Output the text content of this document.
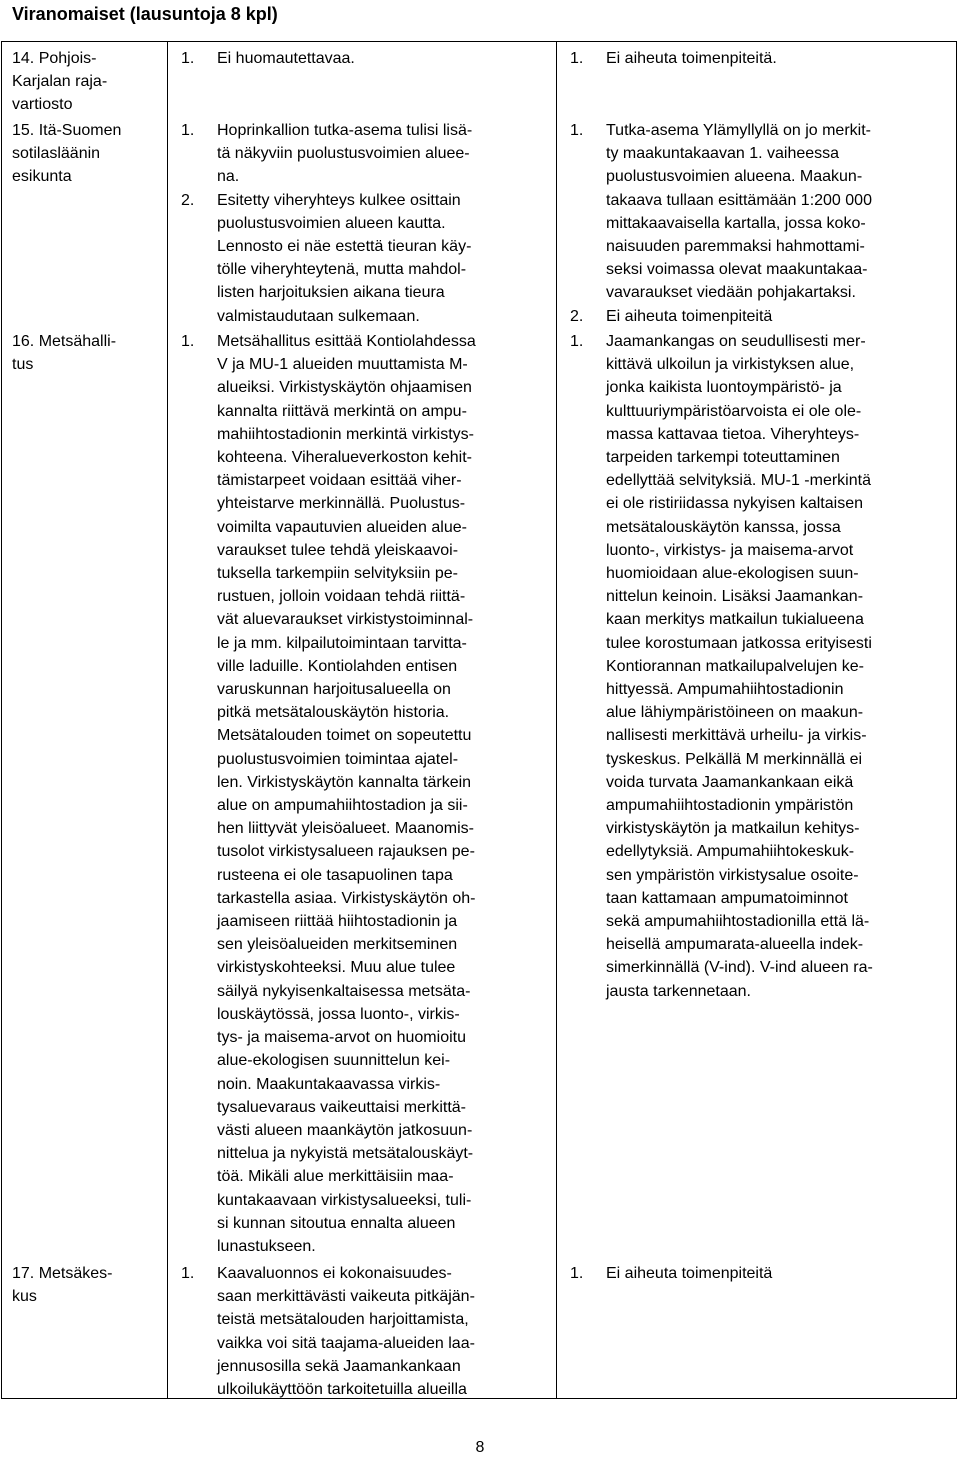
Viranomaiset (lausuntoja 8 kpl)
14. Pohjois-
Karjalan raja-
vartiosto
1. Ei huomautettavaa.	1. Ei aiheuta toimenpiteitä.
15. Itä-Suomen
sotilasläänin
esikunta
1. Hoprinkallion tutka-asema tulisi lisä-
tä näkyviin puolustusvoimien aluee-
na.
2. Esitetty viheryhteys kulkee osittain
puolustusvoimien alueen kautta.
Lennosto ei näe estettä tieuran käy-
tölle viheryhteytenä, mutta mahdol-
listen harjoituksien aikana tieura
valmistaudutaan sulkemaan.
1. Tutka-asema Ylämyllyllä on jo merkit-
ty maakuntakaavan 1. vaiheessa
puolustusvoimien alueena. Maakun-
takaava tullaan esittämään 1:200 000
mittakaavaisella kartalla, jossa koko-
naisuuden paremmaksi hahmottami-
seksi voimassa olevat maakuntakaa-
vavaraukset viedään pohjakartaksi.
2. Ei aiheuta toimenpiteitä
16. Metsähalli-
tus
1. Metsähallitus esittää Kontiolahdessa
V ja MU-1 alueiden muuttamista M-
alueiksi. Virkistyskäytön ohjaamisen
kannalta riittävä merkintä on ampu-
mahiihtostadionin merkintä virkistys-
kohteena. Viheralueverkoston kehit-
tämistarpeet voidaan esittää viher-
yhteistarve merkinnällä. Puolustus-
voimilta vapautuvien alueiden alue-
varaukset tulee tehdä yleiskaavoi-
tuksella tarkempiin selvityksiin pe-
rustuen, jolloin voidaan tehdä riittä-
vät aluevaraukset virkistystoiminnal-
le ja mm. kilpailutoimintaan tarvitta-
ville laduille. Kontiolahden entisen
varuskunnan harjoitusalueella on
pitkä metsätalouskäytön historia.
Metsätalouden toimet on sopeutettu
puolustusvoimien toimintaa ajatel-
len. Virkistyskäytön kannalta tärkein
alue on ampumahiihtostadion ja sii-
hen liittyvät yleisöalueet. Maanomis-
tusolot virkistysalueen rajauksen pe-
rusteena ei ole tasapuolinen tapa
tarkastella asiaa. Virkistyskäytön oh-
jaamiseen riittää hiihtostadionin ja
sen yleisöalueiden merkitseminen
virkistyskohteeksi. Muu alue tulee
säilyä nykyisenkaltaisessa metsäta-
louskäytössä, jossa luonto-, virkis-
tys- ja maisema-arvot on huomioitu
alue-ekologisen suunnittelun kei-
noin. Maakuntakaavassa virkis-
tysaluevaraus vaikeuttaisi merkittä-
västi alueen maankäytön jatkosuun-
nittelua ja nykyistä metsätalouskäyt-
töä. Mikäli alue merkittäisiin maa-
kuntakaavaan virkistysalueeksi, tuli-
si kunnan sitoutua ennalta alueen
lunastukseen.
1. Jaamankangas on seudullisesti mer-
kittävä ulkoilun ja virkistyksen alue,
jonka kaikista luontoympäristö- ja
kulttuuriympäristöarvoista ei ole ole-
massa kattavaa tietoa. Viheryhteys-
tarpeiden tarkempi toteuttaminen
edellyttää selvityksiä. MU-1 -merkintä
ei ole ristiriidassa nykyisen kaltaisen
metsätalouskäytön kanssa, jossa
luonto-, virkistys- ja maisema-arvot
huomioidaan alue-ekologisen suun-
nittelun keinoin. Lisäksi Jaamankan-
kaan merkitys matkailun tukialueena
tulee korostumaan jatkossa erityisesti
Kontiorannan matkailupalvelujen ke-
hittyessä. Ampumahiihtostadionin
alue lähiympäristöineen on maakun-
nallisesti merkittävä urheilu- ja virkis-
tyskeskus. Pelkällä M merkinnällä ei
voida turvata Jaamankankaan eikä
ampumahiihtostadionin ympäristön
virkistyskäytön ja matkailun kehitys-
edellytyksiä. Ampumahiihtokeskuk-
sen ympäristön virkistysalue osoite-
taan kattamaan ampumatoiminnot
sekä ampumahiihtostadionilla että lä-
heisellä ampumarata-alueella indek-
simerkinnällä (V-ind). V-ind alueen ra-
jausta tarkennetaan.
17. Metsäkes-
kus
1. Kaavaluonnos ei kokonaisuudes-
saan merkittävästi vaikeuta pitkäjän-
teistä metsätalouden harjoittamista,
vaikka voi sitä taajama-alueiden laa-
jennusosilla sekä Jaamankankaan
ulkoilukäyttöön tarkoitetuilla alueilla
1. Ei aiheuta toimenpiteitä
8
